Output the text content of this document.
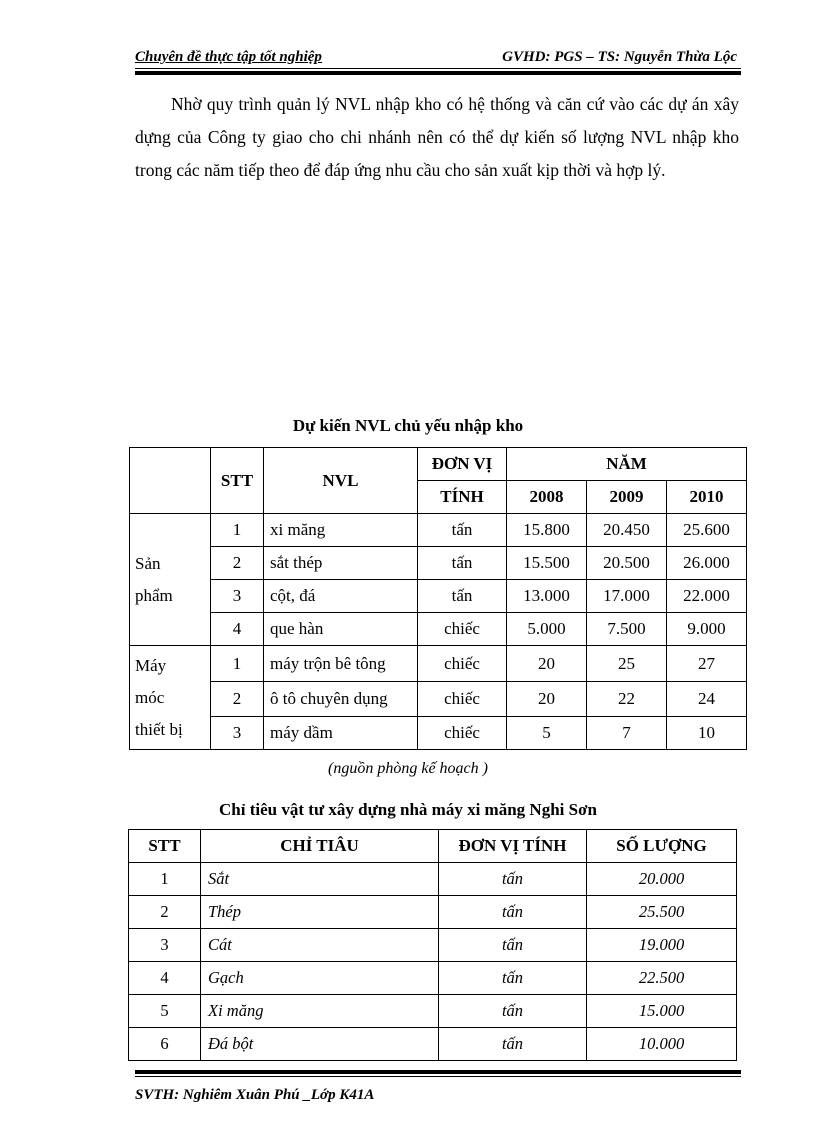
Chuyên đề thực tập tốt nghiệp	GVHD: PGS – TS: Nguyễn Thừa Lộc

Nhờ quy trình quản lý NVL nhập kho có hệ thống và căn cứ vào các dự án xây dựng của Công ty giao cho chi nhánh nên có thể dự kiến số lượng NVL nhập kho trong các năm tiếp theo để đáp ứng nhu cầu cho sản xuất kịp thời và hợp lý.

Dự kiến NVL chủ yếu nhập kho
	STT	NVL	ĐƠN VỊ	NĂM		
			TÍNH	2008	2009	2010

Sản
phẩm	1	xi măng	tấn	15.800	20.450	25.600
	2	sắt thép	tấn	15.500	20.500	26.000
	3	cột, đá	tấn	13.000	17.000	22.000
	4	que hàn	chiếc	5.000	7.500	9.000

Máy
móc
thiết bị	1	máy trộn bê tông	chiếc	20	25	27
	2	ô tô chuyên dụng	chiếc	20	22	24
	3	máy dầm	chiếc	5	7	10
(nguồn phòng kế hoạch )
Chỉ tiêu vật tư xây dựng nhà máy xi măng Nghi Sơn
STT	CHỈ TIÂU	ĐƠN VỊ TÍNH	SỐ LƯỢNG
1	Sắt	tấn	20.000
2	Thép	tấn	25.500
3	Cát	tấn	19.000
4	Gạch	tấn	22.500
5	Xi măng	tấn	15.000
6	Đá bột	tấn	10.000
SVTH: Nghiêm Xuân Phú _Lớp K41A
